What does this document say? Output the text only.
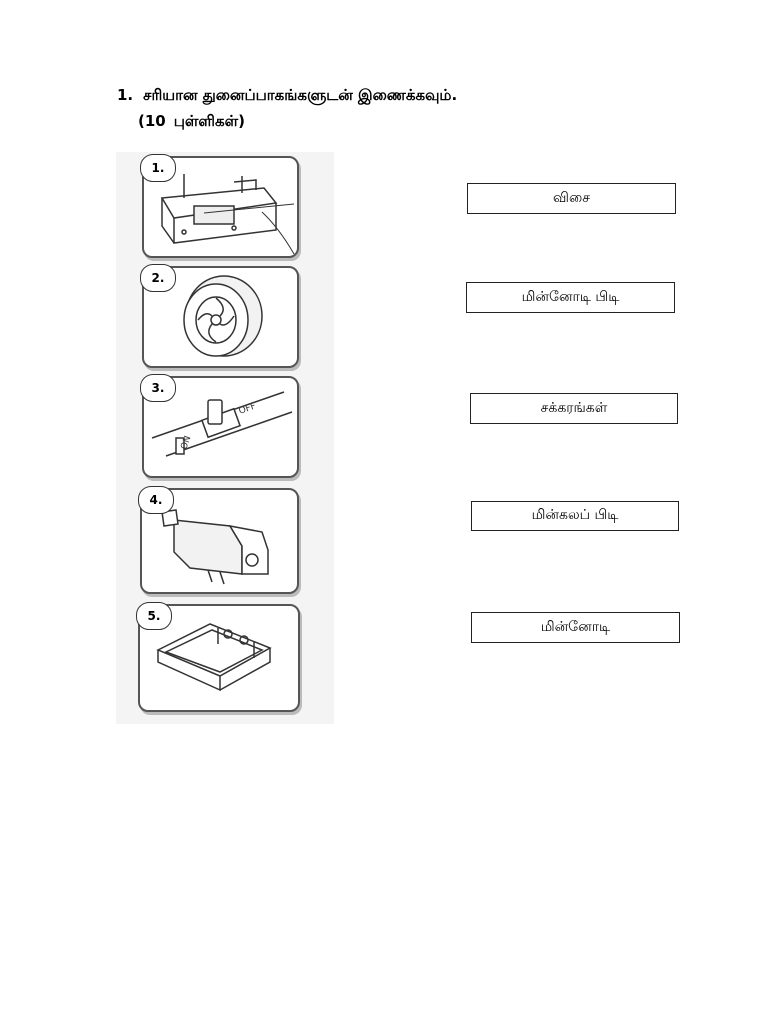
1. சரியான துனைப்பாகங்களுடன் இணைக்கவும்.
(10 புள்ளிகள்)
1.
2.
ON
OFF
3.
4.
5.
விசை
மின்னோடி பிடி
சக்கரங்கள்
மின்கலப் பிடி
மின்னோடி
